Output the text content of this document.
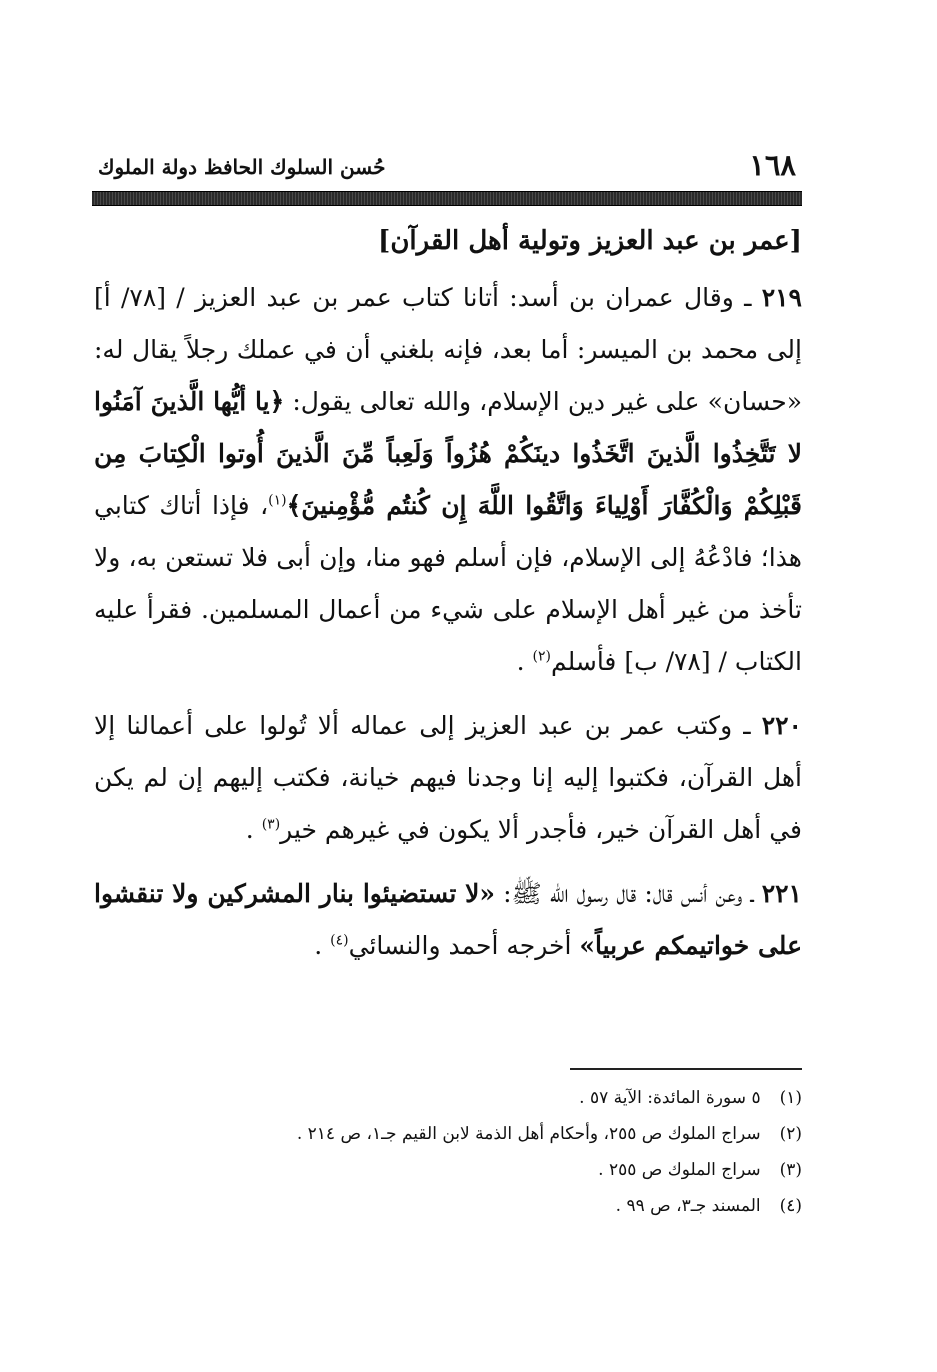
١٦٨
حُسن السلوك الحافظ دولة الملوك
[عمر بن عبد العزيز وتولية أهل القرآن]

٢١٩ ـ وقال عمران بن أسد: أتانا كتاب عمر بن عبد العزيز / [٧٨/ أ] إلى محمد بن الميسر: أما بعد، فإنه بلغني أن في عملك رجلاً يقال له: «حسان» على غير دين الإسلام، والله تعالى يقول: ﴿يا أيُّها الَّذينَ آمَنُوا لا تَتَّخِذُوا الَّذينَ اتَّخَذُوا دينَكُمْ هُزُواً وَلَعِباً مِّنَ الَّذينَ أُوتوا الْكِتابَ مِن قَبْلِكُمْ وَالْكُفَّارَ أَوْلِياءَ وَاتَّقُوا اللَّهَ إِن كُنتُم مُّؤْمِنينَ﴾$^{(١)}$، فإذا أتاك كتابي هذا؛ فادْعُهُ إلى الإسلام، فإن أسلم فهو منا، وإن أبى فلا تستعن به، ولا تأخذ من غير أهل الإسلام على شيء من أعمال المسلمين. فقرأ عليه الكتاب / [٧٨/ ب] فأسلم$^{(٢)}$ .

٢٢٠ ـ وكتب عمر بن عبد العزيز إلى عماله ألا تُولوا على أعمالنا إلا أهل القرآن، فكتبوا إليه إنا وجدنا فيهم خيانة، فكتب إليهم إن لم يكن في أهل القرآن خير، فأجدر ألا يكون في غيرهم خير$^{(٣)}$ .

٢٢١ ـ وعن أنس قال: قال رسول الله ﷺ: «لا تستضيئوا بنار المشركين ولا تنقشوا على خواتيمكم عربياً» أخرجه أحمد والنسائي$^{(٤)}$ .

(١) ٥ سورة المائدة: الآية ٥٧ .
(٢) سراج الملوك ص ٢٥٥، وأحكام أهل الذمة لابن القيم جـ١، ص ٢١٤ .
(٣) سراج الملوك ص ٢٥٥ .
(٤) المسند جـ٣، ص ٩٩ .
